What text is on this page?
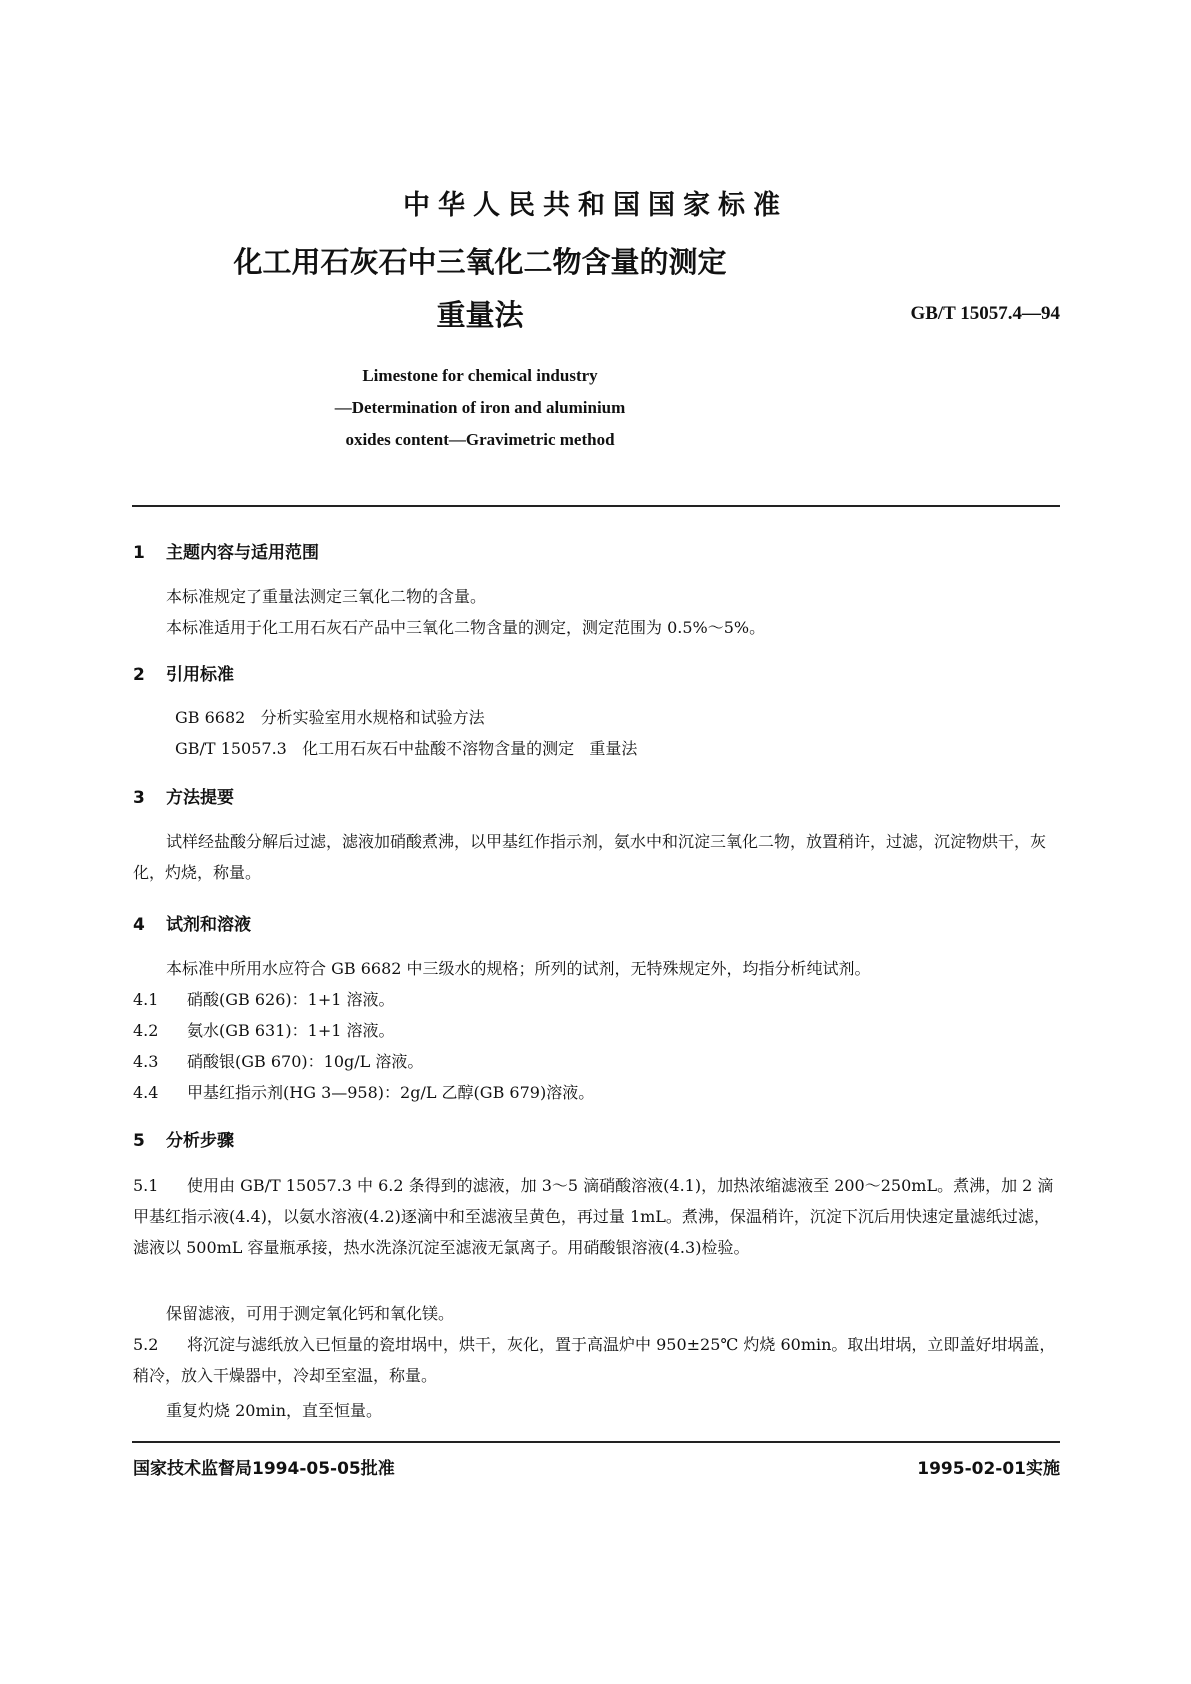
中华人民共和国国家标准
化工用石灰石中三氧化二物含量的测定
重量法	GB/T 15057.4—94
Limestone for chemical industry
—Determination of iron and aluminium
oxides content—Gravimetric method
1 主题内容与适用范围
本标准规定了重量法测定三氧化二物的含量。
本标准适用于化工用石灰石产品中三氧化二物含量的测定，测定范围为 0.5%～5%。
2 引用标准
GB 6682   分析实验室用水规格和试验方法
GB/T 15057.3   化工用石灰石中盐酸不溶物含量的测定   重量法
3 方法提要
试样经盐酸分解后过滤，滤液加硝酸煮沸，以甲基红作指示剂，氨水中和沉淀三氧化二物，放置稍许，过滤，沉淀物烘干，灰化，灼烧，称量。
4 试剂和溶液
本标准中所用水应符合 GB 6682 中三级水的规格；所列的试剂，无特殊规定外，均指分析纯试剂。
4.1 硝酸(GB 626)：1+1 溶液。
4.2 氨水(GB 631)：1+1 溶液。
4.3 硝酸银(GB 670)：10g/L 溶液。
4.4 甲基红指示剂(HG 3—958)：2g/L 乙醇(GB 679)溶液。
5 分析步骤
5.1 使用由 GB/T 15057.3 中 6.2 条得到的滤液，加 3～5 滴硝酸溶液(4.1)，加热浓缩滤液至 200～250mL。煮沸，加 2 滴甲基红指示液(4.4)，以氨水溶液(4.2)逐滴中和至滤液呈黄色，再过量 1mL。煮沸，保温稍许，沉淀下沉后用快速定量滤纸过滤，滤液以 500mL 容量瓶承接，热水洗涤沉淀至滤液无氯离子。用硝酸银溶液(4.3)检验。
保留滤液，可用于测定氧化钙和氧化镁。
5.2 将沉淀与滤纸放入已恒量的瓷坩埚中，烘干，灰化，置于高温炉中 950±25℃ 灼烧 60min。取出坩埚，立即盖好坩埚盖，稍冷，放入干燥器中，冷却至室温，称量。
重复灼烧 20min，直至恒量。
国家技术监督局1994-05-05批准	1995-02-01实施
